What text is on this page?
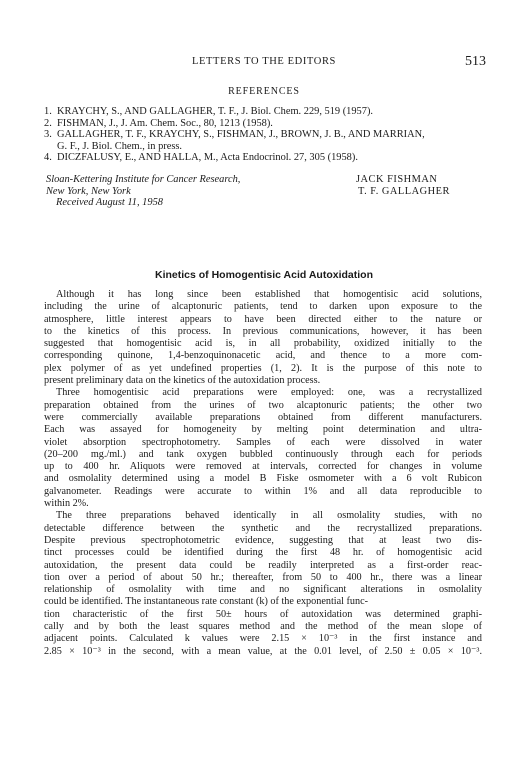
LETTERS TO THE EDITORS	513
REFERENCES
1. KRAYCHY, S., AND GALLAGHER, T. F., J. Biol. Chem. 229, 519 (1957).
2. FISHMAN, J., J. Am. Chem. Soc., 80, 1213 (1958).
3. GALLAGHER, T. F., KRAYCHY, S., FISHMAN, J., BROWN, J. B., AND MARRIAN,
G. F., J. Biol. Chem., in press.
4. DICZFALUSY, E., AND HALLA, M., Acta Endocrinol. 27, 305 (1958).
Sloan-Kettering Institute for Cancer Research,
New York, New York
Received August 11, 1958
JACK FISHMAN
T. F. GALLAGHER
Kinetics of Homogentisic Acid Autoxidation
Although it has long since been established that homogentisic acid solutions,
including the urine of alcaptonuric patients, tend to darken upon exposure to the
atmosphere, little interest appears to have been directed either to the nature or
to the kinetics of this process. In previous communications, however, it has been
suggested that homogentisic acid is, in all probability, oxidized initially to the
corresponding quinone, 1,4-benzoquinonacetic acid, and thence to a more com-
plex polymer of as yet undefined properties (1, 2). It is the purpose of this note to
present preliminary data on the kinetics of the autoxidation process.
Three homogentisic acid preparations were employed: one, was a recrystallized
preparation obtained from the urines of two alcaptonuric patients; the other two
were commercially available preparations obtained from different manufacturers.
Each was assayed for homogeneity by melting point determination and ultra-
violet absorption spectrophotometry. Samples of each were dissolved in water
(20–200 mg./ml.) and tank oxygen bubbled continuously through each for periods
up to 400 hr. Aliquots were removed at intervals, corrected for changes in volume
and osmolality determined using a model B Fiske osmometer with a 6 volt Rubicon
galvanometer. Readings were accurate to within 1% and all data reproducible to
within 2%.
The three preparations behaved identically in all osmolality studies, with no
detectable difference between the synthetic and the recrystallized preparations.
Despite previous spectrophotometric evidence, suggesting that at least two dis-
tinct processes could be identified during the first 48 hr. of homogentisic acid
autoxidation, the present data could be readily interpreted as a first-order reac-
tion over a period of about 50 hr.; thereafter, from 50 to 400 hr., there was a linear
relationship of osmolality with time and no significant alterations in osmolality
could be identified. The instantaneous rate constant (k) of the exponential func-
tion characteristic of the first 50± hours of autoxidation was determined graphi-
cally and by both the least squares method and the method of the mean slope of
adjacent points. Calculated k values were 2.15 × 10⁻³ in the first instance and
2.85 × 10⁻³ in the second, with a mean value, at the 0.01 level, of 2.50 ± 0.05 × 10⁻³.
